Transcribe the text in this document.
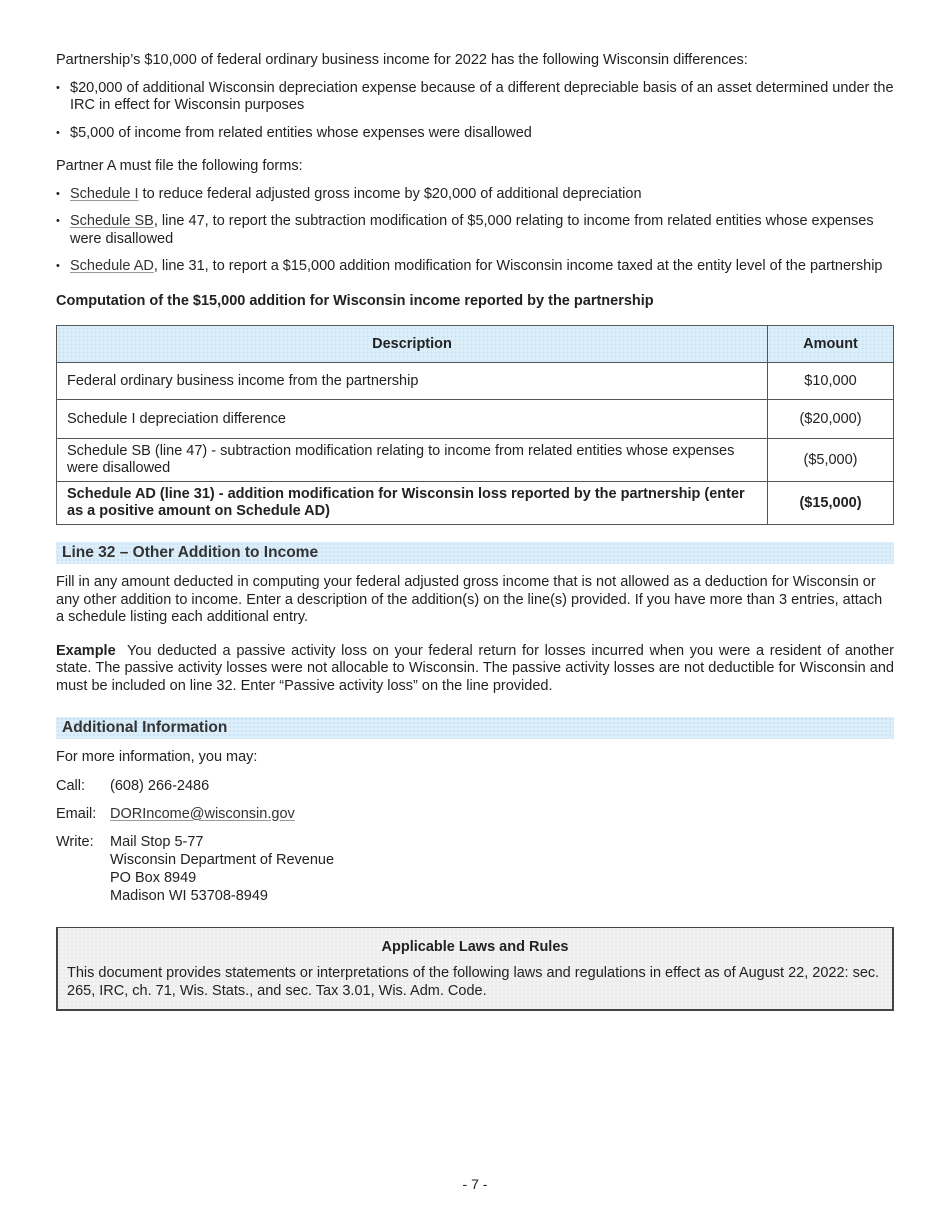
Partnership’s $10,000 of federal ordinary business income for 2022 has the following Wisconsin differences:

• $20,000 of additional Wisconsin depreciation expense because of a different depreciable basis of an asset determined under the IRC in effect for Wisconsin purposes
• $5,000 of income from related entities whose expenses were disallowed

Partner A must file the following forms:

• Schedule I to reduce federal adjusted gross income by $20,000 of additional depreciation
• Schedule SB, line 47, to report the subtraction modification of $5,000 relating to income from related entities whose expenses were disallowed
• Schedule AD, line 31, to report a $15,000 addition modification for Wisconsin income taxed at the entity level of the partnership

Computation of the $15,000 addition for Wisconsin income reported by the partnership

Description	Amount
Federal ordinary business income from the partnership	$10,000
Schedule I depreciation difference	($20,000)
Schedule SB (line 47) - subtraction modification relating to income from related entities whose expenses were disallowed	($5,000)
Schedule AD (line 31) - addition modification for Wisconsin loss reported by the partnership (enter as a positive amount on Schedule AD)	($15,000)
Line 32 – Other Addition to Income

Fill in any amount deducted in computing your federal adjusted gross income that is not allowed as a deduction for Wisconsin or any other addition to income. Enter a description of the addition(s) on the line(s) provided. If you have more than 3 entries, attach a schedule listing each additional entry.

Example You deducted a passive activity loss on your federal return for losses incurred when you were a resident of another state. The passive activity losses were not allocable to Wisconsin. The passive activity losses are not deductible for Wisconsin and must be included on line 32. Enter “Passive activity loss” on the line provided.

Additional Information

For more information, you may:

Call:	(608) 266-2486
Email: DORIncome@wisconsin.gov
Write:	Mail Stop 5-77
Wisconsin Department of Revenue
PO Box 8949
Madison WI 53708-8949
Applicable Laws and Rules
This document provides statements or interpretations of the following laws and regulations in effect as of August 22, 2022: sec. 265, IRC, ch. 71, Wis. Stats., and sec. Tax 3.01, Wis. Adm. Code.
- 7 -
